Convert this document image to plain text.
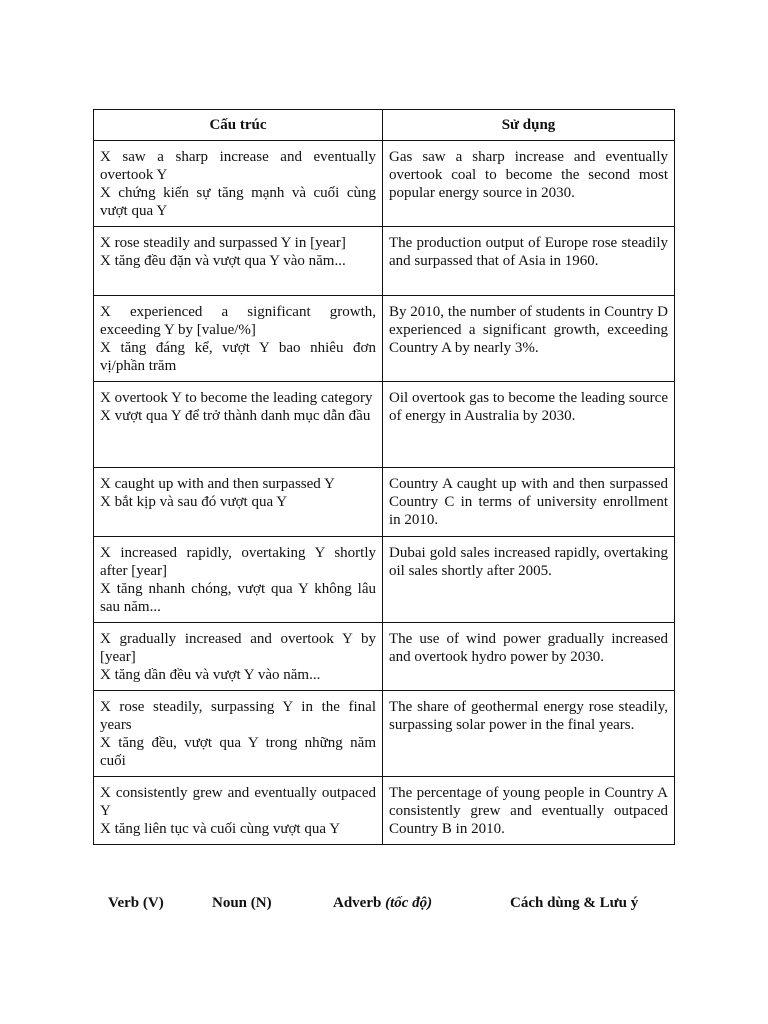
Cấu trúc	Sử dụng

X saw a sharp increase and eventually overtook Y
X chứng kiến sự tăng mạnh và cuối cùng vượt qua Y	Gas saw a sharp increase and eventually overtook coal to become the second most popular energy source in 2030.

X rose steadily and surpassed Y in [year]
X tăng đều đặn và vượt qua Y vào năm...	The production output of Europe rose steadily and surpassed that of Asia in 1960.

X experienced a significant growth, exceeding Y by [value/%]
X tăng đáng kể, vượt Y bao nhiêu đơn vị/phần trăm	By 2010, the number of students in Country D experienced a significant growth, exceeding Country A by nearly 3%.

X overtook Y to become the leading category
X vượt qua Y để trở thành danh mục dẫn đầu	Oil overtook gas to become the leading source of energy in Australia by 2030.

X caught up with and then surpassed Y
X bắt kịp và sau đó vượt qua Y	Country A caught up with and then surpassed Country C in terms of university enrollment in 2010.

X increased rapidly, overtaking Y shortly after [year]
X tăng nhanh chóng, vượt qua Y không lâu sau năm...	Dubai gold sales increased rapidly, overtaking oil sales shortly after 2005.

X gradually increased and overtook Y by [year]
X tăng dần đều và vượt Y vào năm...	The use of wind power gradually increased and overtook hydro power by 2030.

X rose steadily, surpassing Y in the final years
X tăng đều, vượt qua Y trong những năm cuối	The share of geothermal energy rose steadily, surpassing solar power in the final years.

X consistently grew and eventually outpaced Y
X tăng liên tục và cuối cùng vượt qua Y	The percentage of young people in Country A consistently grew and eventually outpaced Country B in 2010.
Verb (V)	Noun (N)	Adverb (tốc độ)	Cách dùng & Lưu ý
